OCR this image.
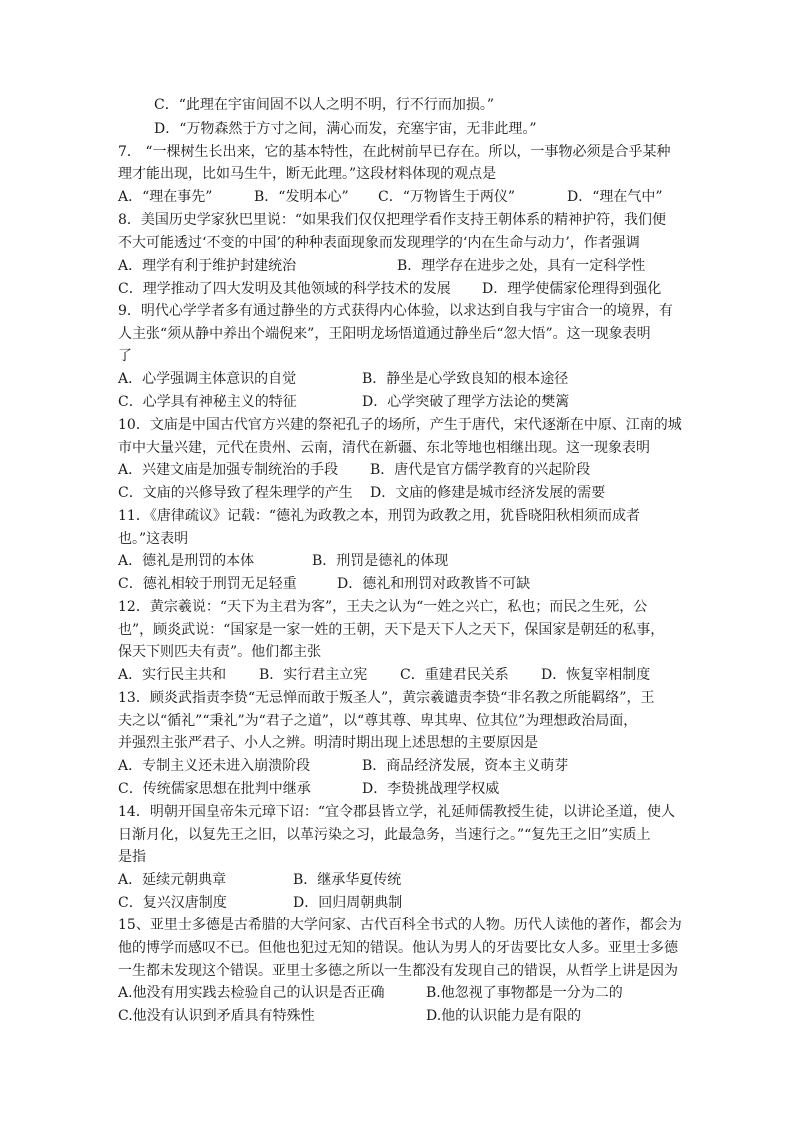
C．“此理在宇宙间固不以人之明不明，行不行而加损。”
D．“万物森然于方寸之间，满心而发，充塞宇宙，无非此理。”
7． “一棵树生长出来，它的基本特性，在此树前早已存在。所以，一事物必须是合乎某种
理才能出现，比如马生牛，断无此理。”这段材料体现的观点是
A．“理在事先”	B．“发明本心” C．“万物皆生于两仪”	D．“理在气中”
8．美国历史学家狄巴里说：“如果我们仅仅把理学看作支持王朝体系的精神护符，我们便
不大可能透过‘不变的中国’的种种表面现象而发现理学的‘内在生命与动力’，作者强调
A．理学有利于维护封建统治	B．理学存在进步之处，具有一定科学性
C．理学推动了四大发明及其他领域的科学技术的发展 D．理学使儒家伦理得到强化
9．明代心学学者多有通过静坐的方式获得内心体验，以求达到自我与宇宙合一的境界，有
人主张“须从静中养出个端倪来”，王阳明龙场悟道通过静坐后“忽大悟”。这一现象表明
了
A．心学强调主体意识的自觉	B．静坐是心学致良知的根本途径
C．心学具有神秘主义的特征	D．心学突破了理学方法论的樊篱
10．文庙是中国古代官方兴建的祭祀孔子的场所，产生于唐代，宋代逐渐在中原、江南的城
市中大量兴建，元代在贵州、云南，清代在新疆、东北等地也相继出现。这一现象表明
A．兴建文庙是加强专制统治的手段 B．唐代是官方儒学教育的兴起阶段
C．文庙的兴修导致了程朱理学的产生 D．文庙的修建是城市经济发展的需要
11．《唐律疏议》记载：“德礼为政教之本，刑罚为政教之用，犹昏晓阳秋相须而成者
也。”这表明
A．德礼是刑罚的本体	B．刑罚是德礼的体现
C．德礼相较于刑罚无足轻重	D．德礼和刑罚对政教皆不可缺
12．黄宗羲说：“天下为主君为客”，王夫之认为“一姓之兴亡，私也；而民之生死，公
也”，顾炎武说：“国家是一家一姓的王朝，天下是天下人之天下，保国家是朝廷的私事，
保天下则匹夫有责”。他们都主张
A．实行民主共和 B．实行君主立宪 C．重建君民关系 D．恢复宰相制度
13．顾炎武指责李贽“无忌惮而敢于叛圣人”，黄宗羲谴责李贽“非名教之所能羁络”，王
夫之以“循礼”“秉礼”为“君子之道”，以“尊其尊、卑其卑、位其位”为理想政治局面，
并强烈主张严君子、小人之辨。明清时期出现上述思想的主要原因是
A．专制主义还未进入崩溃阶段	B．商品经济发展，资本主义萌芽
C．传统儒家思想在批判中继承	D．李贽挑战理学权威
14．明朝开国皇帝朱元璋下诏：“宜令郡县皆立学，礼延师儒教授生徒，以讲论圣道，使人
日渐月化，以复先王之旧，以革污染之习，此最急务，当速行之。”“复先王之旧”实质上
是指
A．延续元朝典章	B．继承华夏传统
C．复兴汉唐制度	D．回归周朝典制
15、亚里士多德是古希腊的大学问家、古代百科全书式的人物。历代人读他的著作，都会为
他的博学而感叹不已。但他也犯过无知的错误。他认为男人的牙齿要比女人多。亚里士多德
一生都未发现这个错误。亚里士多德之所以一生都没有发现自己的错误，从哲学上讲是因为
A.他没有用实践去检验自己的认识是否正确	B.他忽视了事物都是一分为二的
C.他没有认识到矛盾具有特殊性	D.他的认识能力是有限的
